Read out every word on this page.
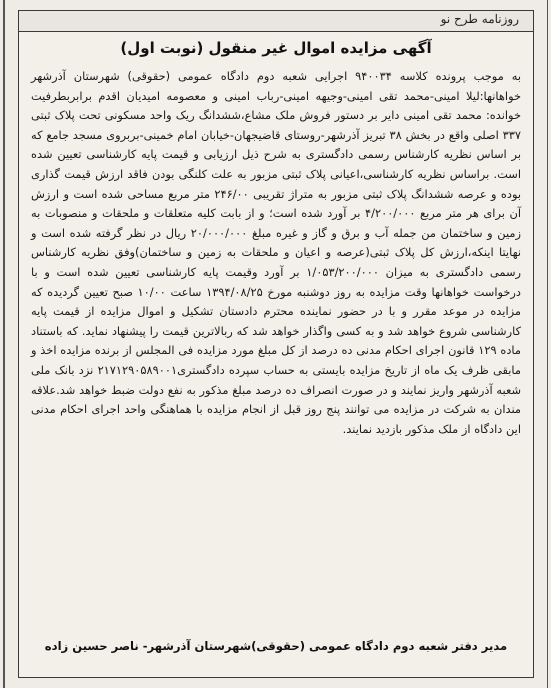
روزنامه طرح نو
آگهی مزایده اموال غیر منقول (نوبت اول)

به موجب پرونده کلاسه ۹۴۰۰۳۴ اجرایی شعبه دوم دادگاه عمومی (حقوقی) شهرستان آذرشهر خواهانها:لیلا امینی-محمد تقی امینی-وجیهه امینی-رباب امینی و معصومه امیدیان اقدم برابربطرفیت خوانده: محمد تقی امینی دایر بر دستور فروش ملک مشاع،ششدانگ ریک واحد مسکونی تحت پلاک ثبتی ۳۳۷ اصلی واقع در بخش ۳۸ تبریز آذرشهر-روستای قاضیجهان-خیابان امام خمینی-بربروی مسجد جامع که بر اساس نظریه کارشناس رسمی دادگستری به شرح ذیل ارزیابی و قیمت پایه کارشناسی تعیین شده است. براساس نظریه کارشناسی،اعیانی پلاک ثبتی مزبور به علت کلنگی بودن فاقد ارزش قیمت گذاری بوده و عرصه ششدانگ پلاک ثبتی مزبور به متراژ تقریبی ۲۴۶/۰۰ متر مربع مساحی شده است و ارزش آن برای هر متر مربع ۴/۲۰۰/۰۰۰ بر آورد شده است؛ و از بابت کلیه متعلقات و ملحقات و منصوبات به زمین و ساختمان من جمله آب و برق و گاز و غیره مبلغ ۲۰/۰۰۰/۰۰۰ ریال در نظر گرفته شده است و نهایتا اینکه،ارزش کل پلاک ثبتی(عرصه و اعیان و ملحقات به زمین و ساختمان)وفق نظریه کارشناس رسمی دادگستری به میزان ۱/۰۵۳/۲۰۰/۰۰۰ بر آورد وقیمت پایه کارشناسی تعیین شده است و با درخواست خواهانها وقت مزایده به روز دوشنبه مورخ ۱۳۹۴/۰۸/۲۵ ساعت ۱۰/۰۰ صبح تعیین گردیده که مزایده در موعد مقرر و با در حضور نماینده محترم دادستان تشکیل و اموال مزایده از قیمت پایه کارشناسی شروع خواهد شد و به کسی واگذار خواهد شد که ربالاترین قیمت را پیشنهاد نماید. که باستناد ماده ۱۲۹ قانون اجرای احکام مدنی ده درصد از کل مبلغ مورد مزایده فی المجلس از برنده مزایده اخذ و مابقی ظرف یک ماه از تاریخ مزایده بایستی به حساب سپرده دادگستری۲۱۷۱۲۹۰۵۸۹۰۰۱ نزد بانک ملی شعبه آذرشهر واریز نمایند و در صورت انصراف ده درصد مبلغ مذکور به نفع دولت ضبط خواهد شد.علاقه مندان به شرکت در مزایده می توانند پنج روز قبل از انجام مزایده با هماهنگی واحد اجرای احکام مدنی این دادگاه از ملک مذکور بازدید نمایند.

مدیر دفتر شعبه دوم دادگاه عمومی (حقوقی)شهرستان آذرشهر- ناصر حسین زاده
